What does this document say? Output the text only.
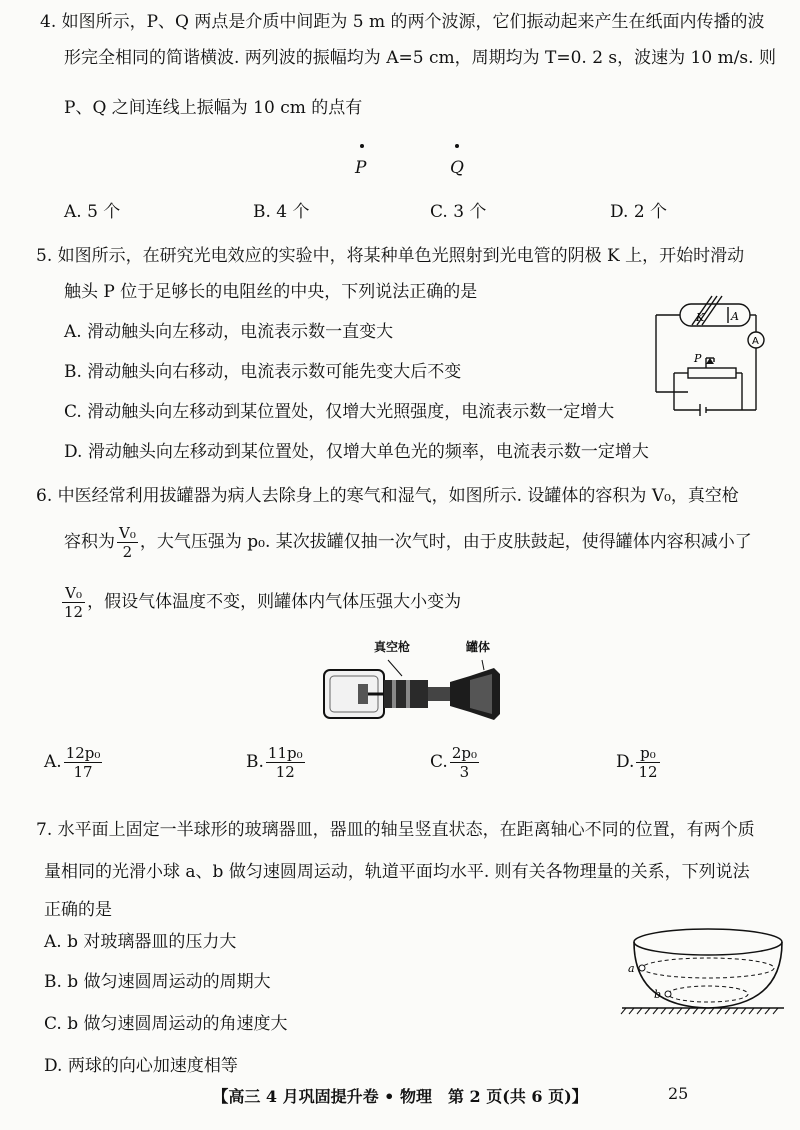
4. 如图所示，P、Q 两点是介质中间距为 5 m 的两个波源，它们振动起来产生在纸面内传播的波
形完全相同的简谐横波. 两列波的振幅均为 A=5 cm，周期均为 T=0. 2 s，波速为 10 m/s. 则
P、Q 之间连线上振幅为 10 cm 的点有
P	Q
A. 5 个	B. 4 个	C. 3 个	D. 2 个
5. 如图所示，在研究光电效应的实验中，将某种单色光照射到光电管的阴极 K 上，开始时滑动
触头 P 位于足够长的电阻丝的中央，下列说法正确的是
A. 滑动触头向左移动，电流表示数一直变大
B. 滑动触头向右移动，电流表示数可能先变大后不变
C. 滑动触头向左移动到某位置处，仅增大光照强度，电流表示数一定增大
D. 滑动触头向左移动到某位置处，仅增大单色光的频率，电流表示数一定增大
K A
A
P
6. 中医经常利用拔罐器为病人去除身上的寒气和湿气，如图所示. 设罐体的容积为 V₀，真空枪
容积为 $\frac{\text{V₀}}{2}$ ，大气压强为 p₀. 某次拔罐仅抽一次气时，由于皮肤鼓起，使得罐体内容积减小了
$\frac{\text{V₀}}{12}$ ，假设气体温度不变，则罐体内气体压强大小变为
真空枪	罐体
A. $\frac{\text{12p₀}}{17}$	B. $\frac{\text{11p₀}}{12}$	C. $\frac{\text{2p₀}}{3}$	D. $\frac{\text{p₀}}{12}$
7. 水平面上固定一半球形的玻璃器皿，器皿的轴呈竖直状态，在距离轴心不同的位置，有两个质
量相同的光滑小球 a、b 做匀速圆周运动，轨道平面均水平. 则有关各物理量的关系，下列说法
正确的是
A. b 对玻璃器皿的压力大
B. b 做匀速圆周运动的周期大
C. b 做匀速圆周运动的角速度大
D. 两球的向心加速度相等
a
b
【高三 4 月巩固提升卷 • 物理　第 2 页(共 6 页)】	25
